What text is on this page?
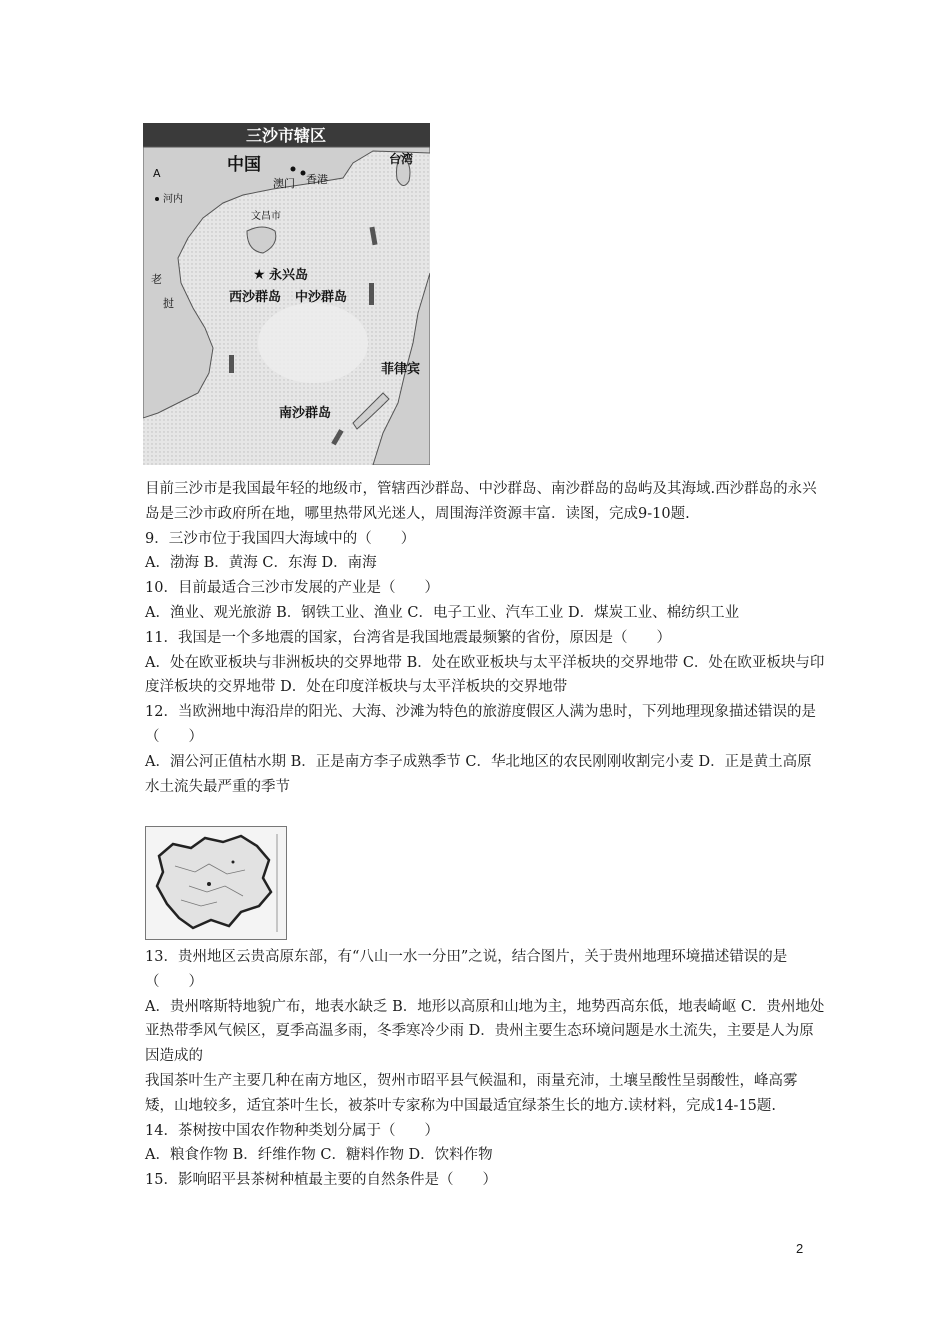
三沙市辖区
中国
澳门 香港
台湾
A
河内
文昌市
老
挝
★ 永兴岛
西沙群岛 中沙群岛
菲律宾
南沙群岛

目前三沙市是我国最年轻的地级市，管辖西沙群岛、中沙群岛、南沙群岛的岛屿及其海域.西沙群岛的永兴岛是三沙市政府所在地，哪里热带风光迷人，周围海洋资源丰富．读图，完成9-10题.

9．三沙市位于我国四大海域中的（　　）

A．渤海 B．黄海 C．东海 D．南海

10．目前最适合三沙市发展的产业是（　　）

A．渔业、观光旅游 B．钢铁工业、渔业 C．电子工业、汽车工业 D．煤炭工业、棉纺织工业

11．我国是一个多地震的国家，台湾省是我国地震最频繁的省份，原因是（　　）

A．处在欧亚板块与非洲板块的交界地带 B．处在欧亚板块与太平洋板块的交界地带 C．处在欧亚板块与印度洋板块的交界地带 D．处在印度洋板块与太平洋板块的交界地带

12．当欧洲地中海沿岸的阳光、大海、沙滩为特色的旅游度假区人满为患时，下列地理现象描述错误的是（　　）

A．湄公河正值枯水期 B．正是南方李子成熟季节 C．华北地区的农民刚刚收割完小麦 D．正是黄土高原水土流失最严重的季节

13．贵州地区云贵高原东部，有“八山一水一分田”之说，结合图片，关于贵州地理环境描述错误的是（　　）

A．贵州喀斯特地貌广布，地表水缺乏 B．地形以高原和山地为主，地势西高东低，地表崎岖 C．贵州地处亚热带季风气候区，夏季高温多雨，冬季寒冷少雨 D．贵州主要生态环境问题是水土流失，主要是人为原因造成的

我国茶叶生产主要几种在南方地区，贺州市昭平县气候温和，雨量充沛，土壤呈酸性呈弱酸性，峰高雾矮，山地较多，适宜茶叶生长，被茶叶专家称为中国最适宜绿茶生长的地方.读材料，完成14-15题.

14．茶树按中国农作物种类划分属于（　　）

A．粮食作物 B．纤维作物 C．糖料作物 D．饮料作物

15．影响昭平县茶树种植最主要的自然条件是（　　）

2
